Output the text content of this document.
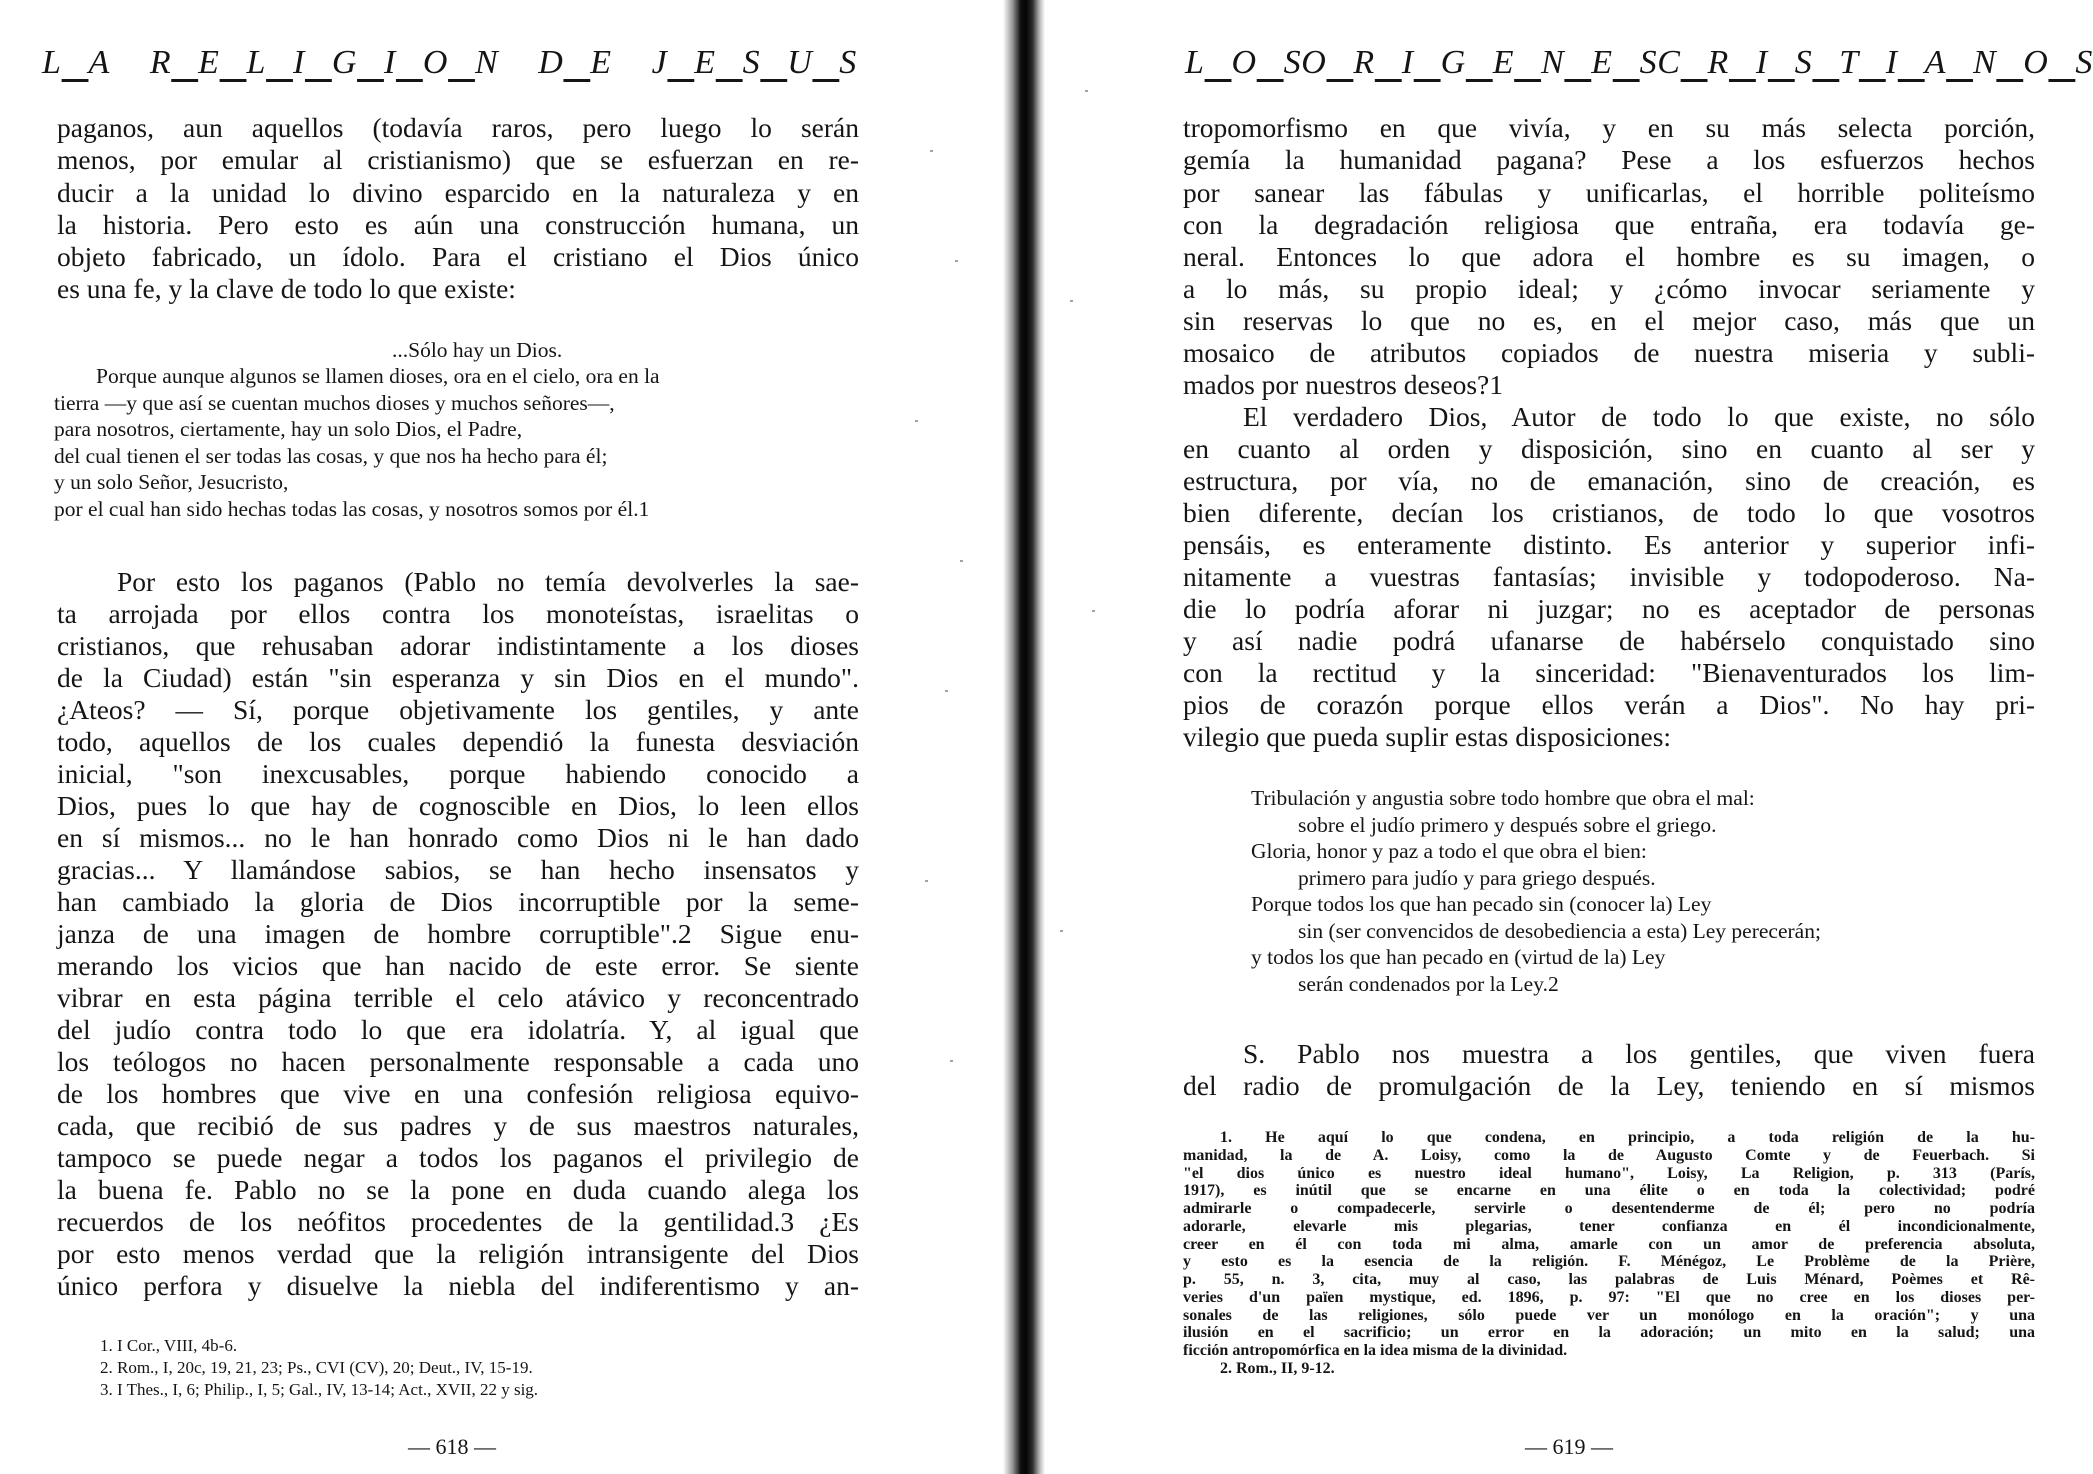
L  A R  E  L  I  G  I  O  N D  E J  E  S  U  S
paganos, aun aquellos (todavía raros, pero luego lo serán
menos, por emular al cristianismo) que se esfuerzan en re-
ducir a la unidad lo divino esparcido en la naturaleza y en
la historia. Pero esto es aún una construcción humana, un
objeto fabricado, un ídolo. Para el cristiano el Dios único
es una fe, y la clave de todo lo que existe:
...Sólo hay un Dios.
Porque aunque algunos se llamen dioses, ora en el cielo, ora en la
tierra —y que así se cuentan muchos dioses y muchos señores—,
para nosotros, ciertamente, hay un solo Dios, el Padre,
del cual tienen el ser todas las cosas, y que nos ha hecho para él;
y un solo Señor, Jesucristo,
por el cual han sido hechas todas las cosas, y nosotros somos por él.1
Por esto los paganos (Pablo no temía devolverles la sae-
ta arrojada por ellos contra los monoteístas, israelitas o
cristianos, que rehusaban adorar indistintamente a los dioses
de la Ciudad) están "sin esperanza y sin Dios en el mundo".
¿Ateos? — Sí, porque objetivamente los gentiles, y ante
todo, aquellos de los cuales dependió la funesta desviación
inicial, "son inexcusables, porque habiendo conocido a
Dios, pues lo que hay de cognoscible en Dios, lo leen ellos
en sí mismos... no le han honrado como Dios ni le han dado
gracias... Y llamándose sabios, se han hecho insensatos y
han cambiado la gloria de Dios incorruptible por la seme-
janza de una imagen de hombre corruptible".2 Sigue enu-
merando los vicios que han nacido de este error. Se siente
vibrar en esta página terrible el celo atávico y reconcentrado
del judío contra todo lo que era idolatría. Y, al igual que
los teólogos no hacen personalmente responsable a cada uno
de los hombres que vive en una confesión religiosa equivo-
cada, que recibió de sus padres y de sus maestros naturales,
tampoco se puede negar a todos los paganos el privilegio de
la buena fe. Pablo no se la pone en duda cuando alega los
recuerdos de los neófitos procedentes de la gentilidad.3 ¿Es
por esto menos verdad que la religión intransigente del Dios
único perfora y disuelve la niebla del indiferentismo y an-
1. I Cor., VIII, 4b-6.
2. Rom., I, 20c, 19, 21, 23; Ps., CVI (CV), 20; Deut., IV, 15-19.
3. I Thes., I, 6; Philip., I, 5; Gal., IV, 13-14; Act., XVII, 22 y sig.
— 618 —
L  O  S O  R  I  G  E  N  E  S C  R  I  S  T  I  A  N  O  S
tropomorfismo en que vivía, y en su más selecta porción,
gemía la humanidad pagana? Pese a los esfuerzos hechos
por sanear las fábulas y unificarlas, el horrible politeísmo
con la degradación religiosa que entraña, era todavía ge-
neral. Entonces lo que adora el hombre es su imagen, o
a lo más, su propio ideal; y ¿cómo invocar seriamente y
sin reservas lo que no es, en el mejor caso, más que un
mosaico de atributos copiados de nuestra miseria y subli-
mados por nuestros deseos?1
El verdadero Dios, Autor de todo lo que existe, no sólo
en cuanto al orden y disposición, sino en cuanto al ser y
estructura, por vía, no de emanación, sino de creación, es
bien diferente, decían los cristianos, de todo lo que vosotros
pensáis, es enteramente distinto. Es anterior y superior infi-
nitamente a vuestras fantasías; invisible y todopoderoso. Na-
die lo podría aforar ni juzgar; no es aceptador de personas
y así nadie podrá ufanarse de habérselo conquistado sino
con la rectitud y la sinceridad: "Bienaventurados los lim-
pios de corazón porque ellos verán a Dios". No hay pri-
vilegio que pueda suplir estas disposiciones:
Tribulación y angustia sobre todo hombre que obra el mal:
sobre el judío primero y después sobre el griego.
Gloria, honor y paz a todo el que obra el bien:
primero para judío y para griego después.
Porque todos los que han pecado sin (conocer la) Ley
sin (ser convencidos de desobediencia a esta) Ley perecerán;
y todos los que han pecado en (virtud de la) Ley
serán condenados por la Ley.2
S. Pablo nos muestra a los gentiles, que viven fuera
del radio de promulgación de la Ley, teniendo en sí mismos
1. He aquí lo que condena, en principio, a toda religión de la hu-
manidad, la de A. Loisy, como la de Augusto Comte y de Feuerbach. Si
"el dios único es nuestro ideal humano", Loisy, La Religion, p. 313 (París,
1917), es inútil que se encarne en una élite o en toda la colectividad; podré
admirarle o compadecerle, servirle o desentenderme de él; pero no podría
adorarle, elevarle mis plegarias, tener confianza en él incondicionalmente,
creer en él con toda mi alma, amarle con un amor de preferencia absoluta,
y esto es la esencia de la religión. F. Ménégoz, Le Problème de la Prière,
p. 55, n. 3, cita, muy al caso, las palabras de Luis Ménard, Poèmes et Rê-
veries d'un païen mystique, ed. 1896, p. 97: "El que no cree en los dioses per-
sonales de las religiones, sólo puede ver un monólogo en la oración"; y una
ilusión en el sacrificio; un error en la adoración; un mito en la salud; una
ficción antropomórfica en la idea misma de la divinidad.
2. Rom., II, 9-12.
— 619 —
